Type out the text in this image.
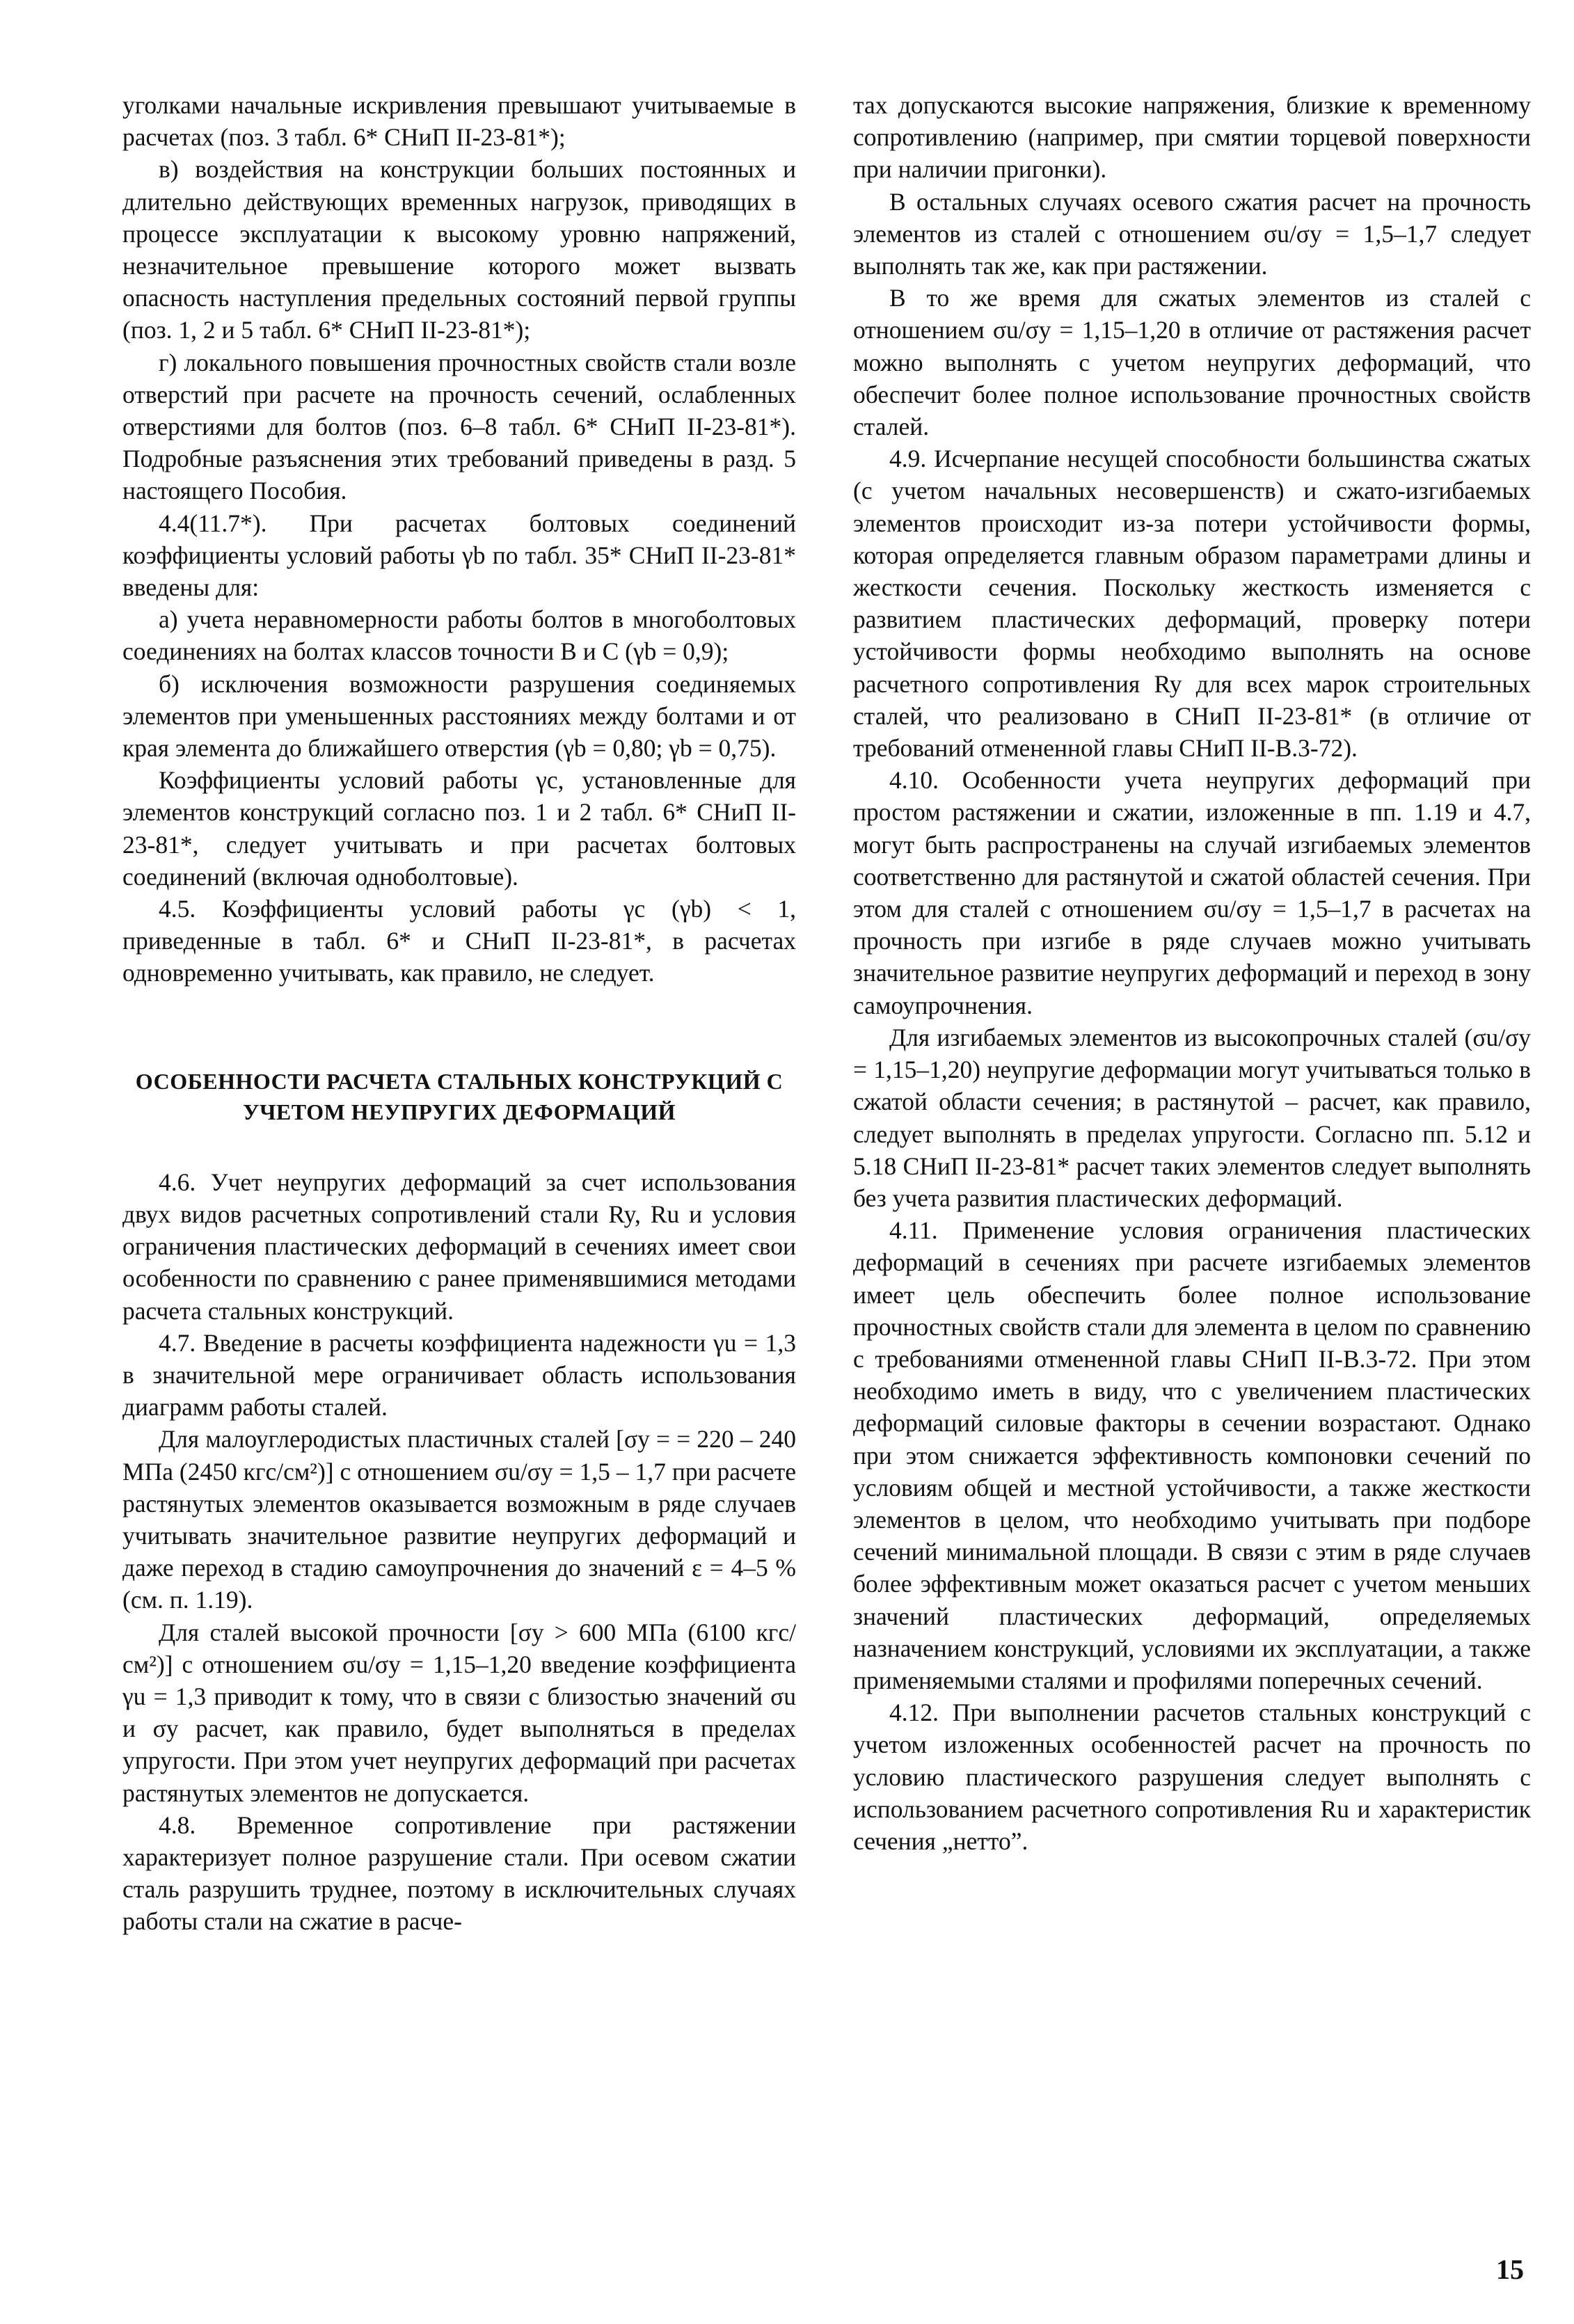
уголками начальные искривления превышают учитываемые в расчетах (поз. 3 табл. 6* СНиП II-23-81*);

в) воздействия на конструкции больших постоянных и длительно действующих временных нагрузок, приводящих в процессе эксплуатации к высокому уровню напряжений, незначительное превышение которого может вызвать опасность наступления предельных состояний первой группы (поз. 1, 2 и 5 табл. 6* СНиП II-23-81*);

г) локального повышения прочностных свойств стали возле отверстий при расчете на прочность сечений, ослабленных отверстиями для болтов (поз. 6–8 табл. 6* СНиП II-23-81*). Подробные разъяснения этих требований приведены в разд. 5 настоящего Пособия.

4.4(11.7*). При расчетах болтовых соединений коэффициенты условий работы γb по табл. 35* СНиП II-23-81* введены для:

а) учета неравномерности работы болтов в многоболтовых соединениях на болтах классов точности В и С (γb = 0,9);

б) исключения возможности разрушения соединяемых элементов при уменьшенных расстояниях между болтами и от края элемента до ближайшего отверстия (γb = 0,80; γb = 0,75).

Коэффициенты условий работы γc, установленные для элементов конструкций согласно поз. 1 и 2 табл. 6* СНиП II-23-81*, следует учитывать и при расчетах болтовых соединений (включая одноболтовые).

4.5. Коэффициенты условий работы γc (γb) < 1, приведенные в табл. 6* и СНиП II-23-81*, в расчетах одновременно учитывать, как правило, не следует.

ОСОБЕННОСТИ РАСЧЕТА СТАЛЬНЫХ КОНСТРУКЦИЙ С УЧЕТОМ НЕУПРУГИХ ДЕФОРМАЦИЙ

4.6. Учет неупругих деформаций за счет использования двух видов расчетных сопротивлений стали Ry, Ru и условия ограничения пластических деформаций в сечениях имеет свои особенности по сравнению с ранее применявшимися методами расчета стальных конструкций.

4.7. Введение в расчеты коэффициента надежности γu = 1,3 в значительной мере ограничивает область использования диаграмм работы сталей.

Для малоуглеродистых пластичных сталей [σy = = 220 – 240 МПа (2450 кгс/см²)] с отношением σu/σy = 1,5 – 1,7 при расчете растянутых элементов оказывается возможным в ряде случаев учитывать значительное развитие неупругих деформаций и даже переход в стадию самоупрочнения до значений ε = 4–5 % (см. п. 1.19).

Для сталей высокой прочности [σy > 600 МПа (6100 кгс/см²)] с отношением σu/σy = 1,15–1,20 введение коэффициента γu = 1,3 приводит к тому, что в связи с близостью значений σu и σy расчет, как правило, будет выполняться в пределах упругости. При этом учет неупругих деформаций при расчетах растянутых элементов не допускается.

4.8. Временное сопротивление при растяжении характеризует полное разрушение стали. При осевом сжатии сталь разрушить труднее, поэтому в исключительных случаях работы стали на сжатие в расче-

тах допускаются высокие напряжения, близкие к временному сопротивлению (например, при смятии торцевой поверхности при наличии пригонки).

В остальных случаях осевого сжатия расчет на прочность элементов из сталей с отношением σu/σy = 1,5–1,7 следует выполнять так же, как при растяжении.

В то же время для сжатых элементов из сталей с отношением σu/σy = 1,15–1,20 в отличие от растяжения расчет можно выполнять с учетом неупругих деформаций, что обеспечит более полное использование прочностных свойств сталей.

4.9. Исчерпание несущей способности большинства сжатых (с учетом начальных несовершенств) и сжато-изгибаемых элементов происходит из-за потери устойчивости формы, которая определяется главным образом параметрами длины и жесткости сечения. Поскольку жесткость изменяется с развитием пластических деформаций, проверку потери устойчивости формы необходимо выполнять на основе расчетного сопротивления Ry для всех марок строительных сталей, что реализовано в СНиП II-23-81* (в отличие от требований отмененной главы СНиП II-В.3-72).

4.10. Особенности учета неупругих деформаций при простом растяжении и сжатии, изложенные в пп. 1.19 и 4.7, могут быть распространены на случай изгибаемых элементов соответственно для растянутой и сжатой областей сечения. При этом для сталей с отношением σu/σy = 1,5–1,7 в расчетах на прочность при изгибе в ряде случаев можно учитывать значительное развитие неупругих деформаций и переход в зону самоупрочнения.

Для изгибаемых элементов из высокопрочных сталей (σu/σy = 1,15–1,20) неупругие деформации могут учитываться только в сжатой области сечения; в растянутой – расчет, как правило, следует выполнять в пределах упругости. Согласно пп. 5.12 и 5.18 СНиП II-23-81* расчет таких элементов следует выполнять без учета развития пластических деформаций.

4.11. Применение условия ограничения пластических деформаций в сечениях при расчете изгибаемых элементов имеет цель обеспечить более полное использование прочностных свойств стали для элемента в целом по сравнению с требованиями отмененной главы СНиП II-В.3-72. При этом необходимо иметь в виду, что с увеличением пластических деформаций силовые факторы в сечении возрастают. Однако при этом снижается эффективность компоновки сечений по условиям общей и местной устойчивости, а также жесткости элементов в целом, что необходимо учитывать при подборе сечений минимальной площади. В связи с этим в ряде случаев более эффективным может оказаться расчет с учетом меньших значений пластических деформаций, определяемых назначением конструкций, условиями их эксплуатации, а также применяемыми сталями и профилями поперечных сечений.

4.12. При выполнении расчетов стальных конструкций с учетом изложенных особенностей расчет на прочность по условию пластического разрушения следует выполнять с использованием расчетного сопротивления Ru и характеристик сечения „нетто”.

15
